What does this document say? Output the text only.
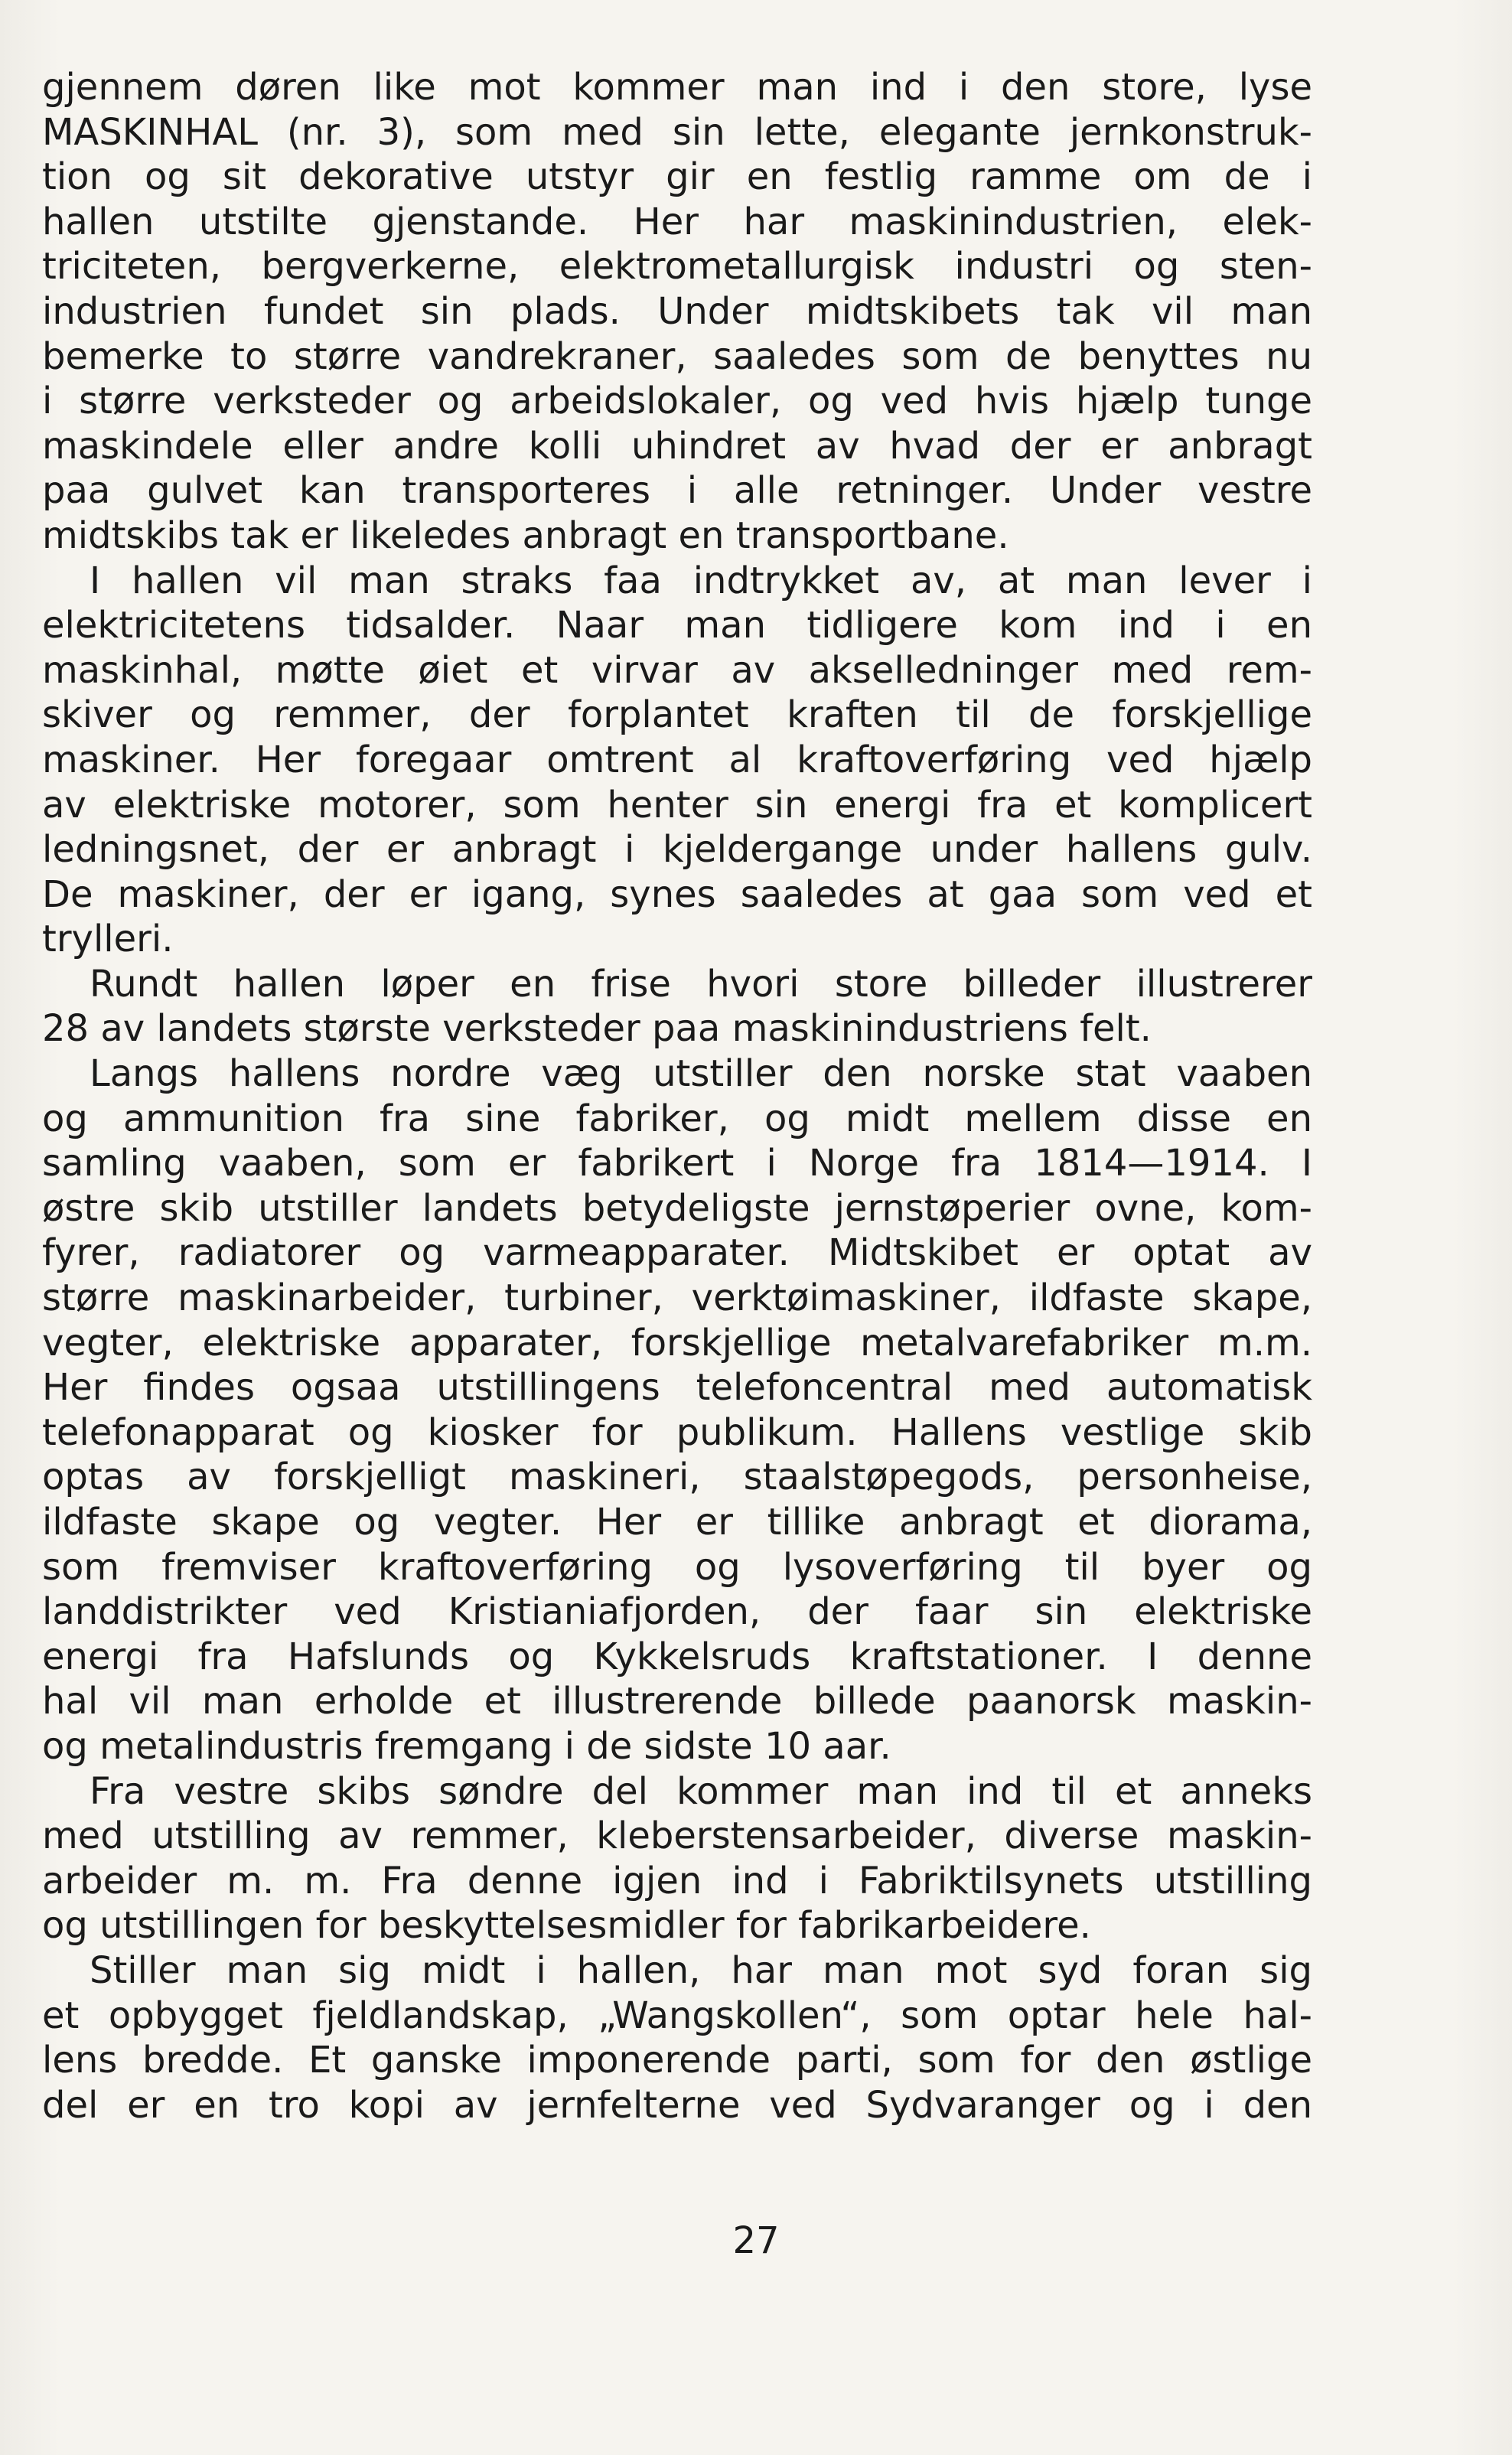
gjennem døren like mot kommer man ind i den store, lyse
MASKINHAL (nr. 3), som med sin lette, elegante jernkonstruk-
tion og sit dekorative utstyr gir en festlig ramme om de i
hallen utstilte gjenstande. Her har maskinindustrien, elek-
triciteten, bergverkerne, elektrometallurgisk industri og sten-
industrien fundet sin plads. Under midtskibets tak vil man
bemerke to større vandrekraner, saaledes som de benyttes nu
i større verksteder og arbeidslokaler, og ved hvis hjælp tunge
maskindele eller andre kolli uhindret av hvad der er anbragt
paa gulvet kan transporteres i alle retninger. Under vestre
midtskibs tak er likeledes anbragt en transportbane.
I hallen vil man straks faa indtrykket av, at man lever i
elektricitetens tidsalder. Naar man tidligere kom ind i en
maskinhal, møtte øiet et virvar av akselledninger med rem-
skiver og remmer, der forplantet kraften til de forskjellige
maskiner. Her foregaar omtrent al kraftoverføring ved hjælp
av elektriske motorer, som henter sin energi fra et komplicert
ledningsnet, der er anbragt i kjeldergange under hallens gulv.
De maskiner, der er igang, synes saaledes at gaa som ved et
trylleri.
Rundt hallen løper en frise hvori store billeder illustrerer
28 av landets største verksteder paa maskinindustriens felt.
Langs hallens nordre væg utstiller den norske stat vaaben
og ammunition fra sine fabriker, og midt mellem disse en
samling vaaben, som er fabrikert i Norge fra 1814—1914. I
østre skib utstiller landets betydeligste jernstøperier ovne, kom-
fyrer, radiatorer og varmeapparater. Midtskibet er optat av
større maskinarbeider, turbiner, verktøimaskiner, ildfaste skape,
vegter, elektriske apparater, forskjellige metalvarefabriker m.m.
Her findes ogsaa utstillingens telefoncentral med automatisk
telefonapparat og kiosker for publikum. Hallens vestlige skib
optas av forskjelligt maskineri, staalstøpegods, personheise,
ildfaste skape og vegter. Her er tillike anbragt et diorama,
som fremviser kraftoverføring og lysoverføring til byer og
landdistrikter ved Kristianiafjorden, der faar sin elektriske
energi fra Hafslunds og Kykkelsruds kraftstationer. I denne
hal vil man erholde et illustrerende billede paanorsk maskin-
og metalindustris fremgang i de sidste 10 aar.
Fra vestre skibs søndre del kommer man ind til et anneks
med utstilling av remmer, kleberstensarbeider, diverse maskin-
arbeider m. m. Fra denne igjen ind i Fabriktilsynets utstilling
og utstillingen for beskyttelsesmidler for fabrikarbeidere.
Stiller man sig midt i hallen, har man mot syd foran sig
et opbygget fjeldlandskap, „Wangskollen“, som optar hele hal-
lens bredde. Et ganske imponerende parti, som for den østlige
del er en tro kopi av jernfelterne ved Sydvaranger og i den
27
